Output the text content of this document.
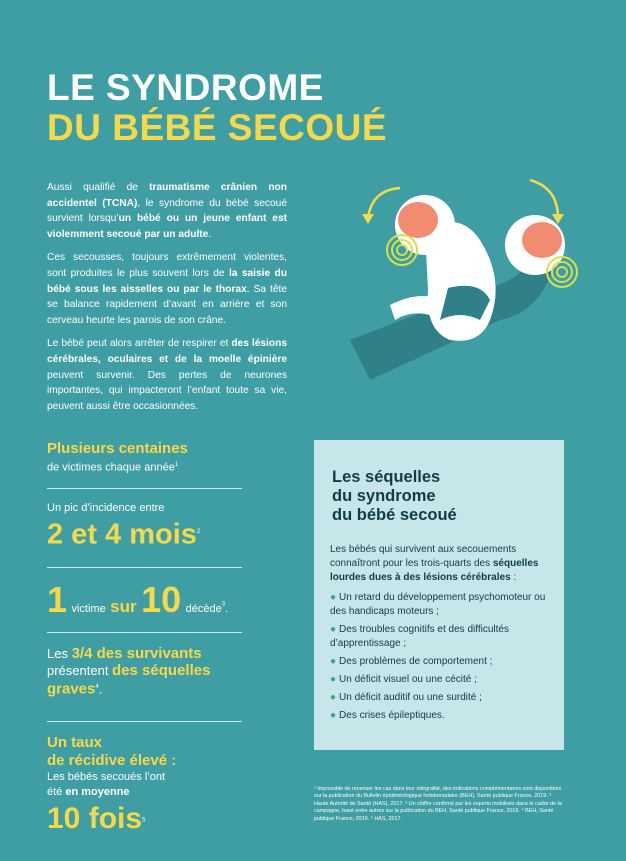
LE SYNDROME
DU BÉBÉ SECOUÉ

Aussi qualifié de traumatisme crânien non accidentel (TCNA), le syndrome du bébé secoué survient lorsqu’un bébé ou un jeune enfant est violemment secoué par un adulte.

Ces secousses, toujours extrêmement violentes, sont produites le plus souvent lors de la saisie du bébé sous les aisselles ou par le thorax. Sa tête se balance rapidement d’avant en arrière et son cerveau heurte les parois de son crâne.

Le bébé peut alors arrêter de respirer et des lésions cérébrales, oculaires et de la moelle épinière peuvent survenir. Des pertes de neurones importantes, qui impacteront l’enfant toute sa vie, peuvent aussi être occasionnées.

Plusieurs centaines
de victimes chaque année$^1$
Un pic d’incidence entre
2 et 4 mois$^2$
1 victime sur 10 décède$^3$.
Les 3/4 des survivants
présentent des séquelles
graves$^4$.
Un taux
de récidive élevé :
Les bébés secoués l’ont
été en moyenne
10 fois$^5$
Les séquelles
du syndrome
du bébé secoué
Les bébés qui survivent aux secouements connaîtront pour les trois-quarts des séquelles lourdes dues à des lésions cérébrales :
● Un retard du développement psychomoteur ou des handicaps moteurs ;
● Des troubles cognitifs et des difficultés d’apprentissage ;
● Des problèmes de comportement ;
● Un déficit visuel ou une cécité ;
● Un déficit auditif ou une surdité ;
● Des crises épileptiques.
¹ Impossible de recenser les cas dans leur intégralité, des indications complémentaires sont disponibles sur la publication du Bulletin épidémiologique hebdomadaire (BEH), Santé publique France, 2019. ² Haute Autorité de Santé (HAS), 2017. ³ Un chiffre confirmé par les experts mobilisés dans le cadre de la campagne, basé entre autres sur la publication du BEH, Santé publique France, 2019. ⁴ BEH, Santé publique France, 2019. ⁵ HAS, 2017.
